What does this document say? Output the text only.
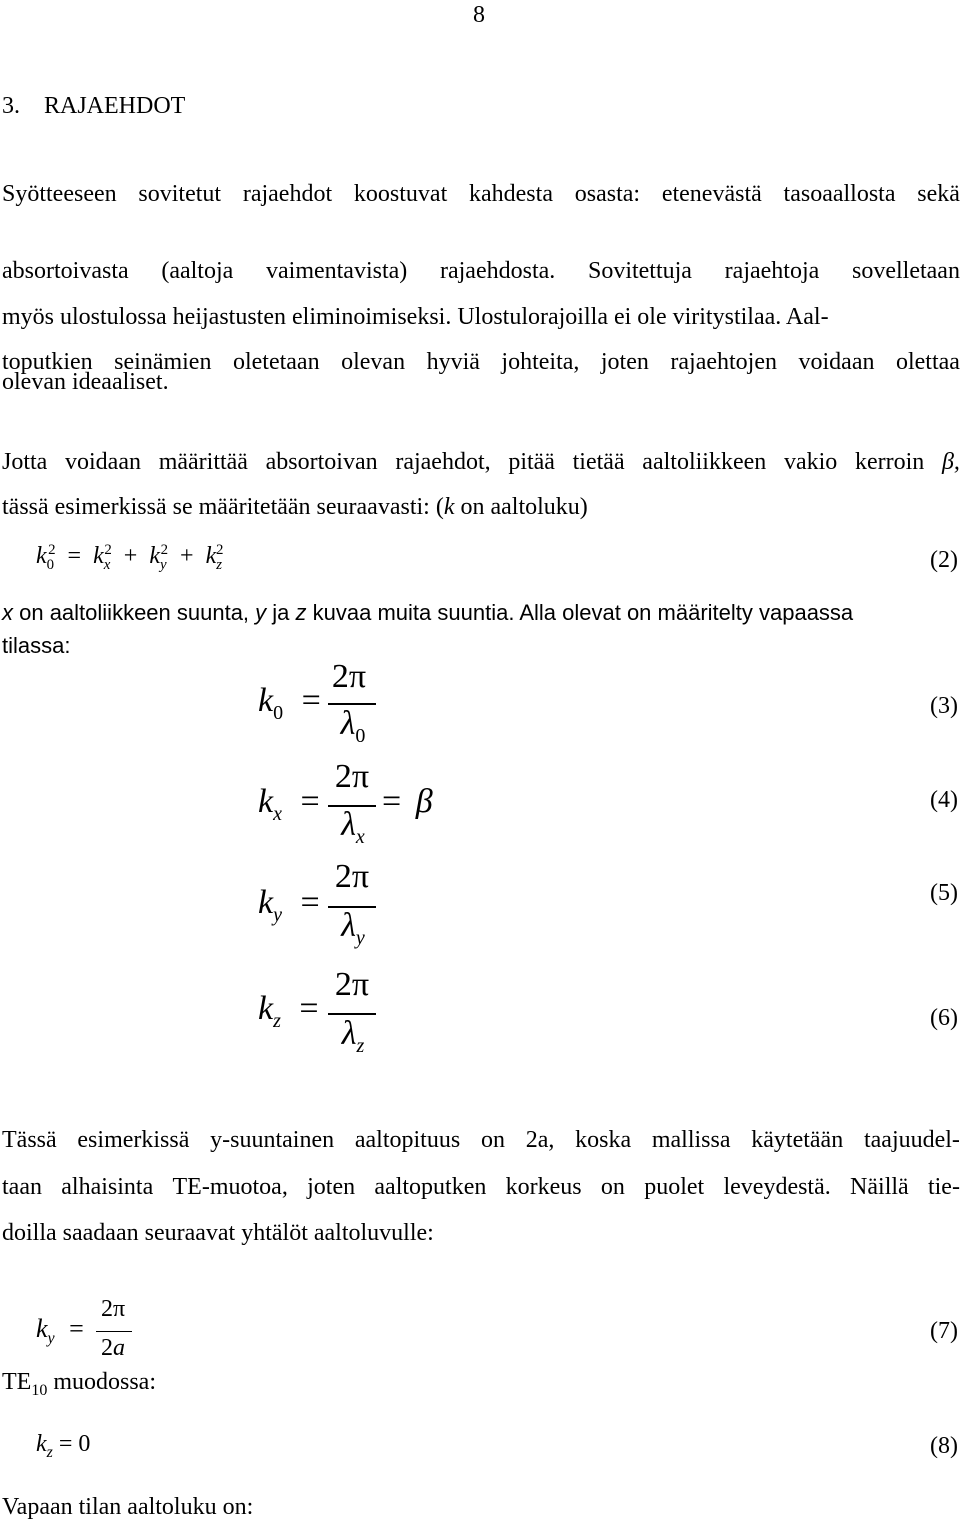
8
3. RAJAEHDOT
Syötteeseen sovitetut rajaehdot koostuvat kahdesta osasta: etenevästä tasoaallosta sekä
absortoivasta (aaltoja vaimentavista) rajaehdosta. Sovitettuja rajaehtoja sovelletaan
myös ulostulossa heijastusten eliminoimiseksi. Ulostulorajoilla ei ole viritystilaa. Aal-
toputkien seinämien oletetaan olevan hyviä johteita, joten rajaehtojen voidaan olettaa
olevan ideaaliset.
Jotta voidaan määrittää absortoivan rajaehdot, pitää tietää aaltoliikkeen vakio kerroin β,
tässä esimerkissä se määritetään seuraavasti: (k on aaltoluku)
$k_0^2 = k_x^2 + k_y^2 + k_z^2$	(2)
x on aaltoliikkeen suunta, y ja z kuvaa muita suuntia. Alla olevat on määritelty vapaassa
tilassa:
$k_0$ =
2π
$\lambda_0$
(3)
$k_x$ =
2π
$\lambda_x$
= β	(4)
$k_y$ =
2π
$\lambda_y$
(5)
$k_z$ =
2π
$\lambda_z$
(6)
Tässä esimerkissä y-suuntainen aaltopituus on 2a, koska mallissa käytetään taajuudel-
taan alhaisinta TE-muotoa, joten aaltoputken korkeus on puolet leveydestä. Näillä tie-
doilla saadaan seuraavat yhtälöt aaltoluvulle:
$k_y$ =
2π
2a
(7)
$TE_{10}$ muodossa:
$k_z = 0$	(8)
Vapaan tilan aaltoluku on:
